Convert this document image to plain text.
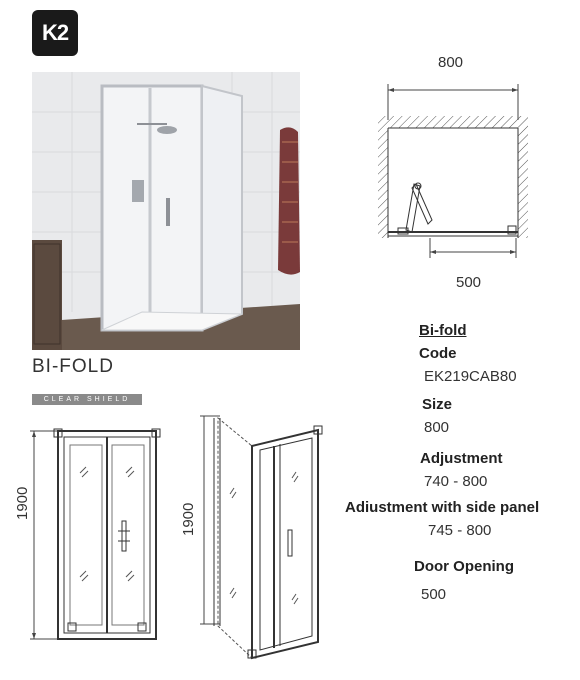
K2
BI-FOLD
CLEAR SHIELD
800
500
1900	1900
Bi-fold
Code
EK219CAB80
Size
800
Adjustment
740 - 800
Adiustment with side panel
745 - 800
Door Opening
500
